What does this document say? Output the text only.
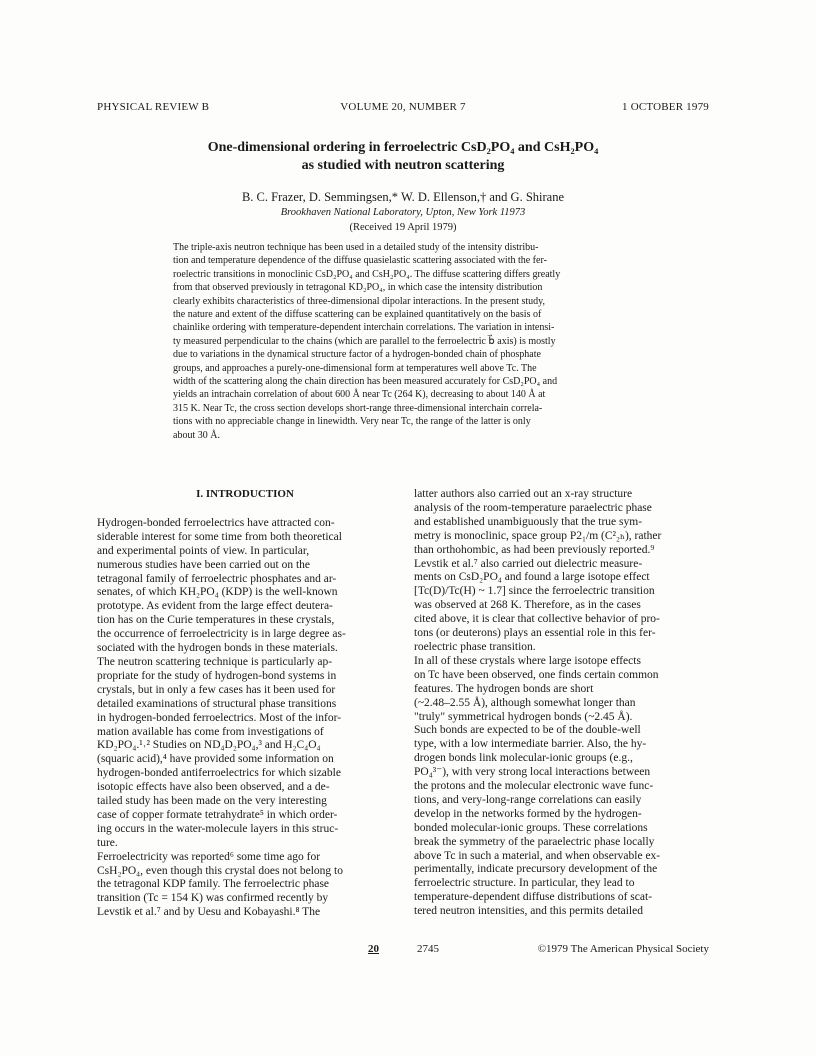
PHYSICAL REVIEW B	VOLUME 20, NUMBER 7	1 OCTOBER 1979
One-dimensional ordering in ferroelectric CsD₂PO₄ and CsH₂PO₄
as studied with neutron scattering
B. C. Frazer, D. Semmingsen,* W. D. Ellenson,† and G. Shirane
Brookhaven National Laboratory, Upton, New York 11973
(Received 19 April 1979)
The triple-axis neutron technique has been used in a detailed study of the intensity distribu-
tion and temperature dependence of the diffuse quasielastic scattering associated with the fer-
roelectric transitions in monoclinic CsD₂PO₄ and CsH₂PO₄. The diffuse scattering differs greatly
from that observed previously in tetragonal KD₂PO₄, in which case the intensity distribution
clearly exhibits characteristics of three-dimensional dipolar interactions. In the present study,
the nature and extent of the diffuse scattering can be explained quantitatively on the basis of
chainlike ordering with temperature-dependent interchain correlations. The variation in intensi-
ty measured perpendicular to the chains (which are parallel to the ferroelectric b⃗ axis) is mostly
due to variations in the dynamical structure factor of a hydrogen-bonded chain of phosphate
groups, and approaches a purely-one-dimensional form at temperatures well above Tc. The
width of the scattering along the chain direction has been measured accurately for CsD₂PO₄ and
yields an intrachain correlation of about 600 Å near Tc (264 K), decreasing to about 140 Å at
315 K. Near Tc, the cross section develops short-range three-dimensional interchain correla-
tions with no appreciable change in linewidth. Very near Tc, the range of the latter is only
about 30 Å.
I. INTRODUCTION
Hydrogen-bonded ferroelectrics have attracted con-
siderable interest for some time from both theoretical
and experimental points of view. In particular,
numerous studies have been carried out on the
tetragonal family of ferroelectric phosphates and ar-
senates, of which KH₂PO₄ (KDP) is the well-known
prototype. As evident from the large effect deutera-
tion has on the Curie temperatures in these crystals,
the occurrence of ferroelectricity is in large degree as-
sociated with the hydrogen bonds in these materials.
The neutron scattering technique is particularly ap-
propriate for the study of hydrogen-bond systems in
crystals, but in only a few cases has it been used for
detailed examinations of structural phase transitions
in hydrogen-bonded ferroelectrics. Most of the infor-
mation available has come from investigations of
KD₂PO₄.¹˒² Studies on ND₄D₂PO₄,³ and H₂C₄O₄
(squaric acid),⁴ have provided some information on
hydrogen-bonded antiferroelectrics for which sizable
isotopic effects have also been observed, and a de-
tailed study has been made on the very interesting
case of copper formate tetrahydrate⁵ in which order-
ing occurs in the water-molecule layers in this struc-
ture.
Ferroelectricity was reported⁶ some time ago for
CsH₂PO₄, even though this crystal does not belong to
the tetragonal KDP family. The ferroelectric phase
transition (Tc = 154 K) was confirmed recently by
Levstik et al.⁷ and by Uesu and Kobayashi.⁸ The
latter authors also carried out an x-ray structure
analysis of the room-temperature paraelectric phase
and established unambiguously that the true sym-
metry is monoclinic, space group P2₁/m (C²₂ₕ), rather
than orthohombic, as had been previously reported.⁹
Levstik et al.⁷ also carried out dielectric measure-
ments on CsD₂PO₄ and found a large isotope effect
[Tc(D)/Tc(H) ~ 1.7] since the ferroelectric transition
was observed at 268 K. Therefore, as in the cases
cited above, it is clear that collective behavior of pro-
tons (or deuterons) plays an essential role in this fer-
roelectric phase transition.
In all of these crystals where large isotope effects
on Tc have been observed, one finds certain common
features. The hydrogen bonds are short
(~2.48–2.55 Å), although somewhat longer than
"truly" symmetrical hydrogen bonds (~2.45 Å).
Such bonds are expected to be of the double-well
type, with a low intermediate barrier. Also, the hy-
drogen bonds link molecular-ionic groups (e.g.,
PO₄³⁻), with very strong local interactions between
the protons and the molecular electronic wave func-
tions, and very-long-range correlations can easily
develop in the networks formed by the hydrogen-
bonded molecular-ionic groups. These correlations
break the symmetry of the paraelectric phase locally
above Tc in such a material, and when observable ex-
perimentally, indicate precursory development of the
ferroelectric structure. In particular, they lead to
temperature-dependent diffuse distributions of scat-
tered neutron intensities, and this permits detailed
20	2745	©1979 The American Physical Society
